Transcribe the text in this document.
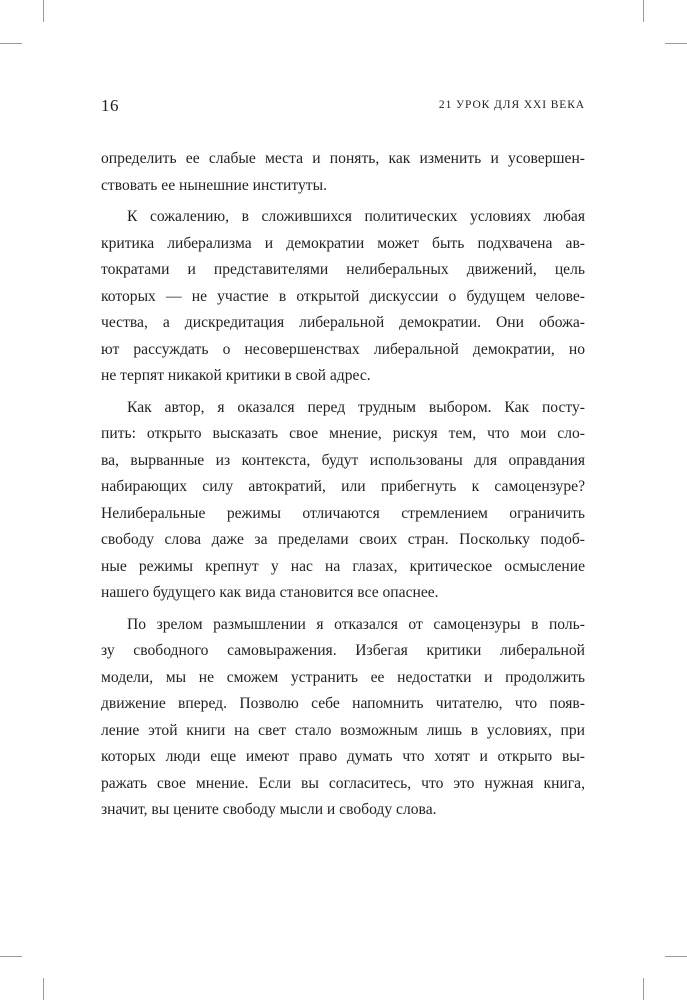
16	21 УРОК ДЛЯ XXI ВЕКА

определить ее слабые места и понять, как изменить и усовершен-
ствовать ее нынешние институты.

К сожалению, в сложившихся политических условиях любая
критика либерализма и демократии может быть подхвачена ав-
тократами и представителями нелиберальных движений, цель
которых — не участие в открытой дискуссии о будущем челове-
чества, а дискредитация либеральной демократии. Они обожа-
ют рассуждать о несовершенствах либеральной демократии, но
не терпят никакой критики в свой адрес.

Как автор, я оказался перед трудным выбором. Как посту-
пить: открыто высказать свое мнение, рискуя тем, что мои сло-
ва, вырванные из контекста, будут использованы для оправдания
набирающих силу автократий, или прибегнуть к самоцензуре?
Нелиберальные режимы отличаются стремлением ограничить
свободу слова даже за пределами своих стран. Поскольку подоб-
ные режимы крепнут у нас на глазах, критическое осмысление
нашего будущего как вида становится все опаснее.

По зрелом размышлении я отказался от самоцензуры в поль-
зу свободного самовыражения. Избегая критики либеральной
модели, мы не сможем устранить ее недостатки и продолжить
движение вперед. Позволю себе напомнить читателю, что появ-
ление этой книги на свет стало возможным лишь в условиях, при
которых люди еще имеют право думать что хотят и открыто вы-
ражать свое мнение. Если вы согласитесь, что это нужная книга,
значит, вы цените свободу мысли и свободу слова.
